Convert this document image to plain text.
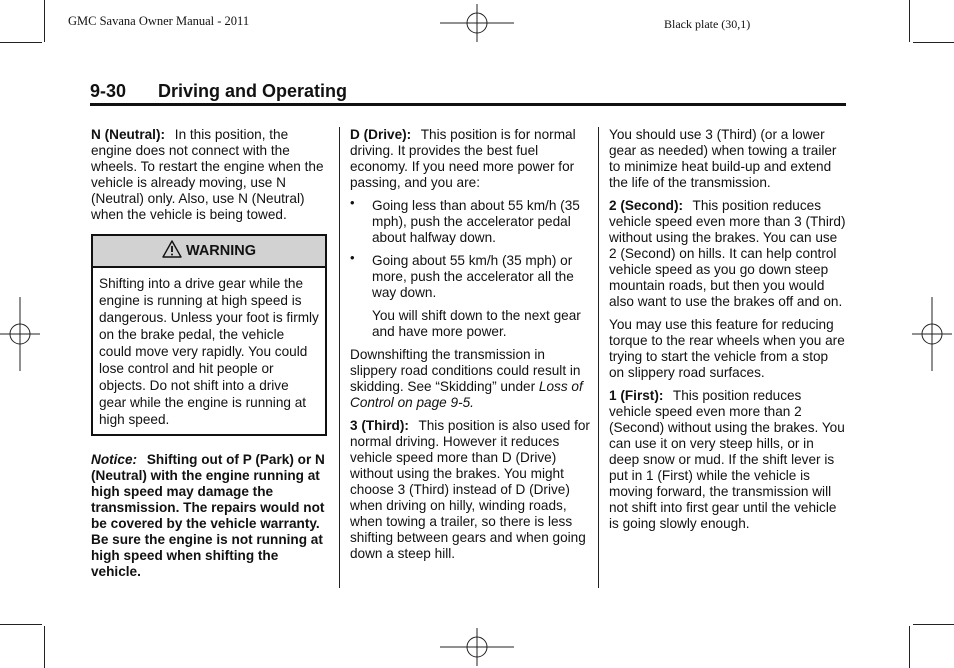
GMC Savana Owner Manual - 2011	Black plate (30,1)
9-30 Driving and Operating

N (Neutral): In this position, the engine does not connect with the wheels. To restart the engine when the vehicle is already moving, use N (Neutral) only. Also, use N (Neutral) when the vehicle is being towed.

WARNING
Shifting into a drive gear while the engine is running at high speed is dangerous. Unless your foot is firmly on the brake pedal, the vehicle could move very rapidly. You could lose control and hit people or objects. Do not shift into a drive gear while the engine is running at high speed.

Notice: Shifting out of P (Park) or N (Neutral) with the engine running at high speed may damage the transmission. The repairs would not be covered by the vehicle warranty. Be sure the engine is not running at high speed when shifting the vehicle.

D (Drive): This position is for normal driving. It provides the best fuel economy. If you need more power for passing, and you are:

• Going less than about 55 km/h (35 mph), push the accelerator pedal about halfway down.
• Going about 55 km/h (35 mph) or more, push the accelerator all the way down.
You will shift down to the next gear and have more power.

Downshifting the transmission in slippery road conditions could result in skidding. See “Skidding” under Loss of Control on page 9-5.

3 (Third): This position is also used for normal driving. However it reduces vehicle speed more than D (Drive) without using the brakes. You might choose 3 (Third) instead of D (Drive) when driving on hilly, winding roads, when towing a trailer, so there is less shifting between gears and when going down a steep hill.

You should use 3 (Third) (or a lower gear as needed) when towing a trailer to minimize heat build-up and extend the life of the transmission.

2 (Second): This position reduces vehicle speed even more than 3 (Third) without using the brakes. You can use 2 (Second) on hills. It can help control vehicle speed as you go down steep mountain roads, but then you would also want to use the brakes off and on.

You may use this feature for reducing torque to the rear wheels when you are trying to start the vehicle from a stop on slippery road surfaces.

1 (First): This position reduces vehicle speed even more than 2 (Second) without using the brakes. You can use it on very steep hills, or in deep snow or mud. If the shift lever is put in 1 (First) while the vehicle is moving forward, the transmission will not shift into first gear until the vehicle is going slowly enough.
